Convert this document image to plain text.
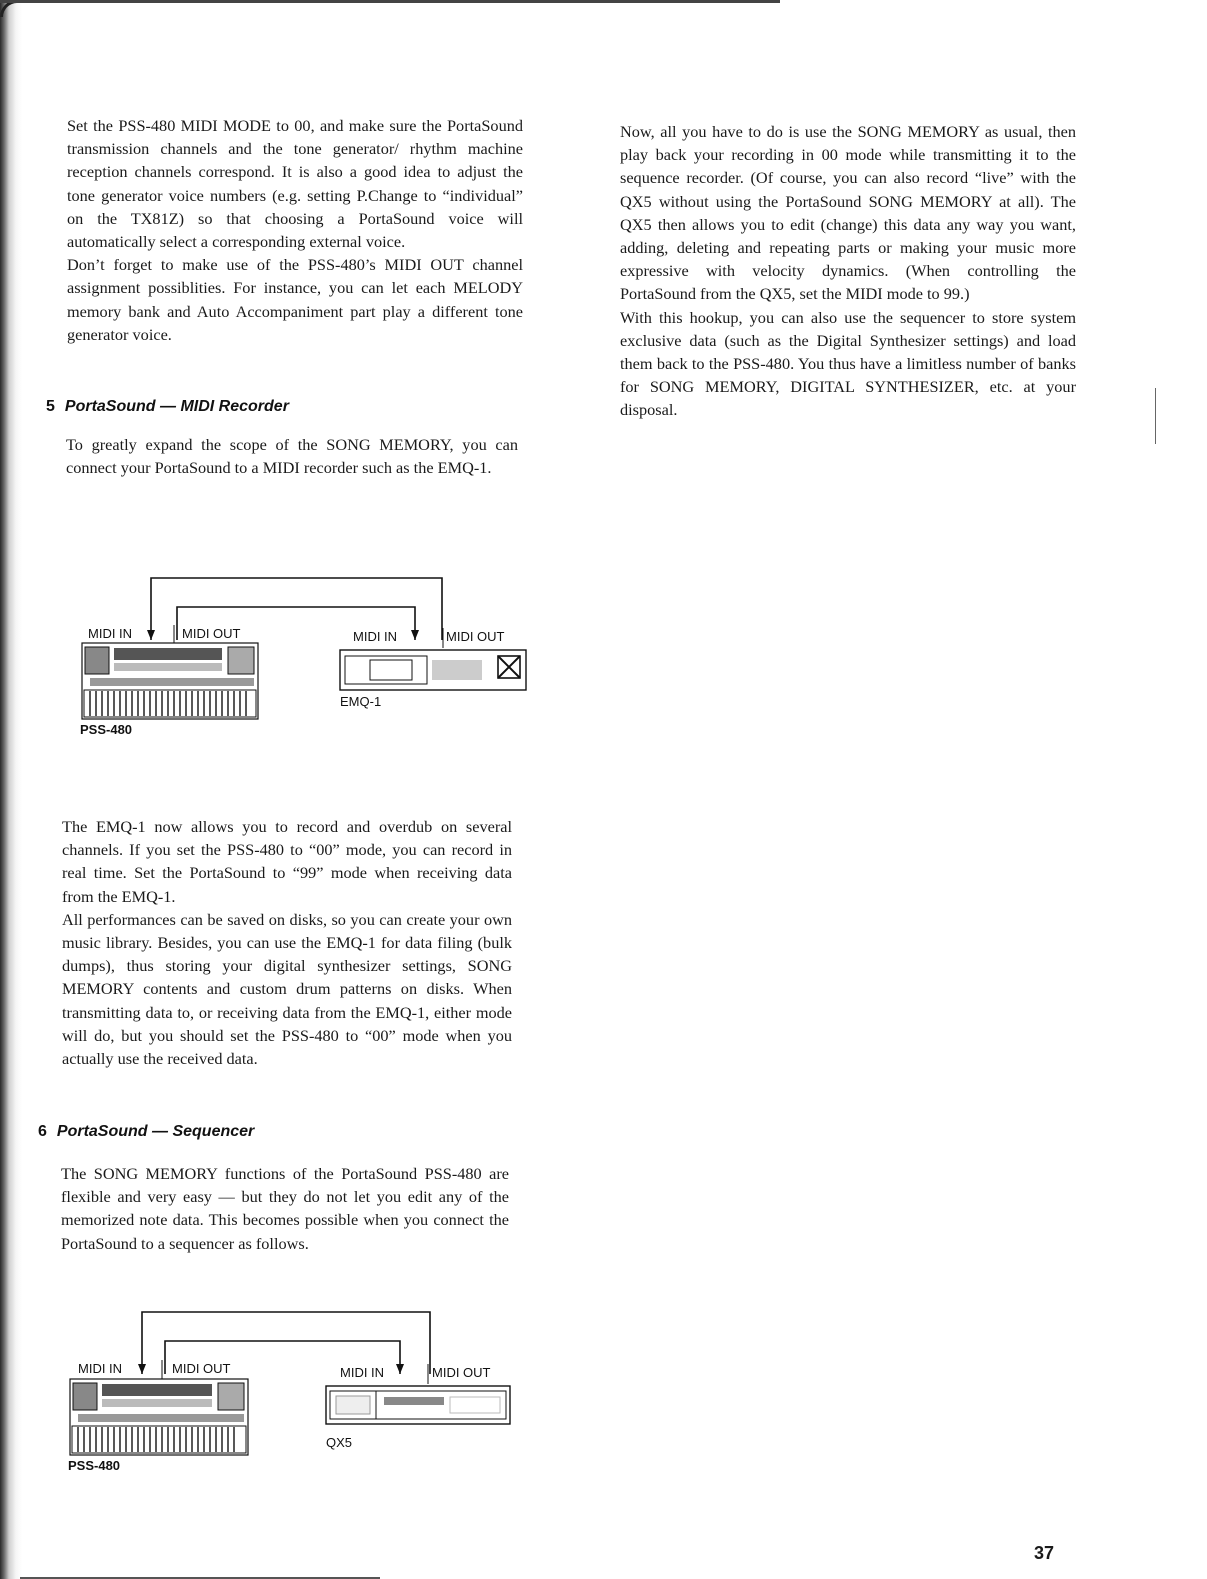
Set the PSS-480 MIDI MODE to 00, and make sure the PortaSound transmission channels and the tone generator/ rhythm machine reception channels correspond. It is also a good idea to adjust the tone generator voice numbers (e.g. setting P.Change to “individual” on the TX81Z) so that choosing a PortaSound voice will automatically select a corresponding external voice.

Don’t forget to make use of the PSS-480’s MIDI OUT channel assignment possiblities. For instance, you can let each MELODY memory bank and Auto Accompaniment part play a different tone generator voice.

5 PortaSound — MIDI Recorder

To greatly expand the scope of the SONG MEMORY, you can connect your PortaSound to a MIDI recorder such as the EMQ-1.

MIDI IN	MIDI OUT	MIDI IN	MIDI OUT
PSS-480
EMQ-1

The EMQ-1 now allows you to record and overdub on several channels. If you set the PSS-480 to “00” mode, you can record in real time. Set the PortaSound to “99” mode when receiving data from the EMQ-1.

All performances can be saved on disks, so you can create your own music library. Besides, you can use the EMQ-1 for data filing (bulk dumps), thus storing your digital synthesizer settings, SONG MEMORY contents and custom drum patterns on disks. When transmitting data to, or receiving data from the EMQ-1, either mode will do, but you should set the PSS-480 to “00” mode when you actually use the received data.

6 PortaSound — Sequencer

The SONG MEMORY functions of the PortaSound PSS-480 are flexible and very easy — but they do not let you edit any of the memorized note data. This becomes possible when you connect the PortaSound to a sequencer as follows.

MIDI IN	MIDI OUT	MIDI IN	MIDI OUT
PSS-480
QX5

Now, all you have to do is use the SONG MEMORY as usual, then play back your recording in 00 mode while transmitting it to the sequence recorder. (Of course, you can also record “live” with the QX5 without using the PortaSound SONG MEMORY at all). The QX5 then allows you to edit (change) this data any way you want, adding, deleting and repeating parts or making your music more expressive with velocity dynamics. (When controlling the PortaSound from the QX5, set the MIDI mode to 99.)

With this hookup, you can also use the sequencer to store system exclusive data (such as the Digital Synthesizer settings) and load them back to the PSS-480. You thus have a limitless number of banks for SONG MEMORY, DIGITAL SYNTHESIZER, etc. at your disposal.

37
